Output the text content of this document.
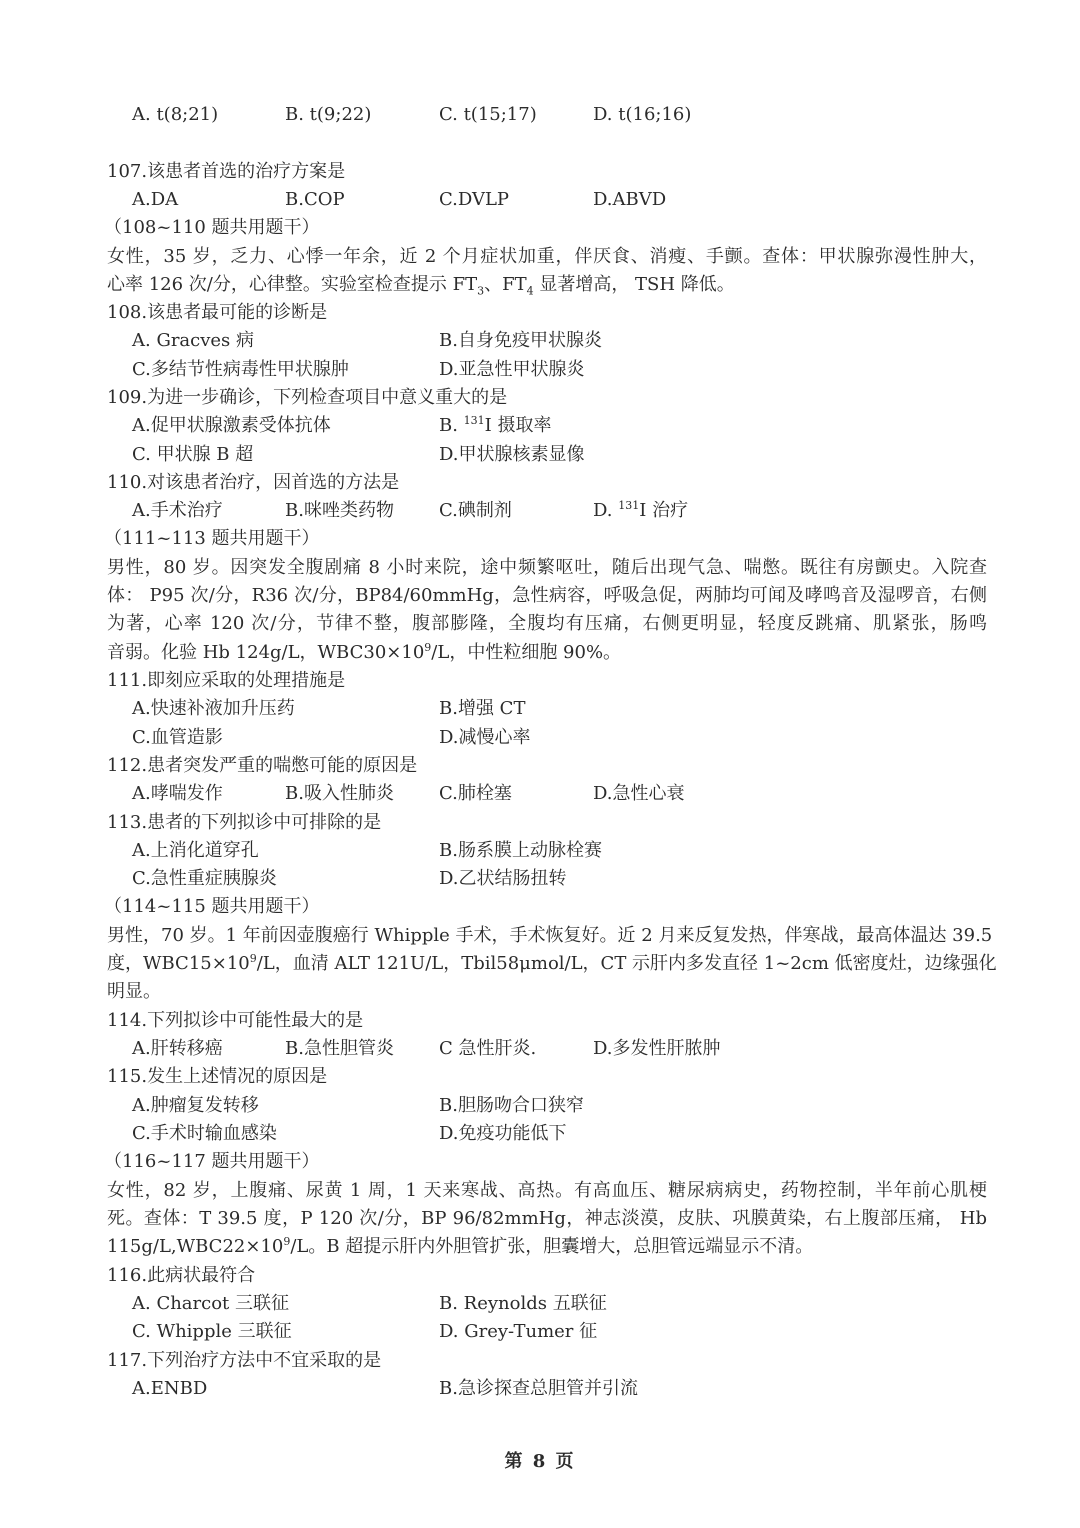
A. t(8;21)	B. t(9;22)	C. t(15;17)	D. t(16;16)
107.该患者首选的治疗方案是
A.DA	B.COP	C.DVLP	D.ABVD
（108~110 题共用题干）
女性，35 岁，乏力、心悸一年余，近 2 个月症状加重，伴厌食、消瘦、手颤。查体：甲状腺弥漫性肿大，
心率 126 次/分，心律整。实验室检查提示 $FT_3$、$FT_4$ 显著增高， TSH 降低。
108.该患者最可能的诊断是
A. Gracves 病	B.自身免疫甲状腺炎
C.多结节性病毒性甲状腺肿	D.亚急性甲状腺炎
109.为进一步确诊，下列检查项目中意义重大的是
A.促甲状腺激素受体抗体	B. $^{131}$I 摄取率
C. 甲状腺 B 超	D.甲状腺核素显像
110.对该患者治疗，因首选的方法是
A.手术治疗	B.咪唑类药物	C.碘制剂	D. $^{131}$I 治疗
（111~113 题共用题干）
男性，80 岁。因突发全腹剧痛 8 小时来院，途中频繁呕吐，随后出现气急、喘憋。既往有房颤史。入院查
体： P95 次/分，R36 次/分，BP84/60mmHg，急性病容，呼吸急促，两肺均可闻及哮鸣音及湿啰音，右侧
为著，心率 120 次/分，节律不整，腹部膨隆，全腹均有压痛，右侧更明显，轻度反跳痛、肌紧张，肠鸣
音弱。化验 Hb 124g/L，$WBC30\times 10^9/L$，中性粒细胞 90%。
111.即刻应采取的处理措施是
A.快速补液加升压药	B.增强 CT
C.血管造影	D.减慢心率
112.患者突发严重的喘憋可能的原因是
A.哮喘发作	B.吸入性肺炎	C.肺栓塞	D.急性心衰
113.患者的下列拟诊中可排除的是
A.上消化道穿孔	B.肠系膜上动脉栓赛
C.急性重症胰腺炎	D.乙状结肠扭转
（114~115 题共用题干）
男性，70 岁。1 年前因壶腹癌行 Whipple 手术，手术恢复好。近 2 月来反复发热，伴寒战，最高体温达 39.5
度，$WBC15\times 10^9/L$，血清 ALT 121U/L，Tbil58μmol/L，CT 示肝内多发直径 1~2cm 低密度灶，边缘强化
明显。
114.下列拟诊中可能性最大的是
A.肝转移癌	B.急性胆管炎	C 急性肝炎.	D.多发性肝脓肿
115.发生上述情况的原因是
A.肿瘤复发转移	B.胆肠吻合口狭窄
C.手术时输血感染	D.免疫功能低下
（116~117 题共用题干）
女性，82 岁，上腹痛、尿黄 1 周，1 天来寒战、高热。有高血压、糖尿病病史，药物控制，半年前心肌梗
死。查体：T 39.5 度，P 120 次/分，BP 96/82mmHg，神志淡漠，皮肤、巩膜黄染，右上腹部压痛， Hb
$115g/L,WBC22\times 10^9/L$。B 超提示肝内外胆管扩张，胆囊增大，总胆管远端显示不清。
116.此病状最符合
A. Charcot 三联征	B. Reynolds 五联征
C. Whipple 三联征	D. Grey-Tumer 征
117.下列治疗方法中不宜采取的是
A.ENBD	B.急诊探查总胆管并引流
第 8 页
